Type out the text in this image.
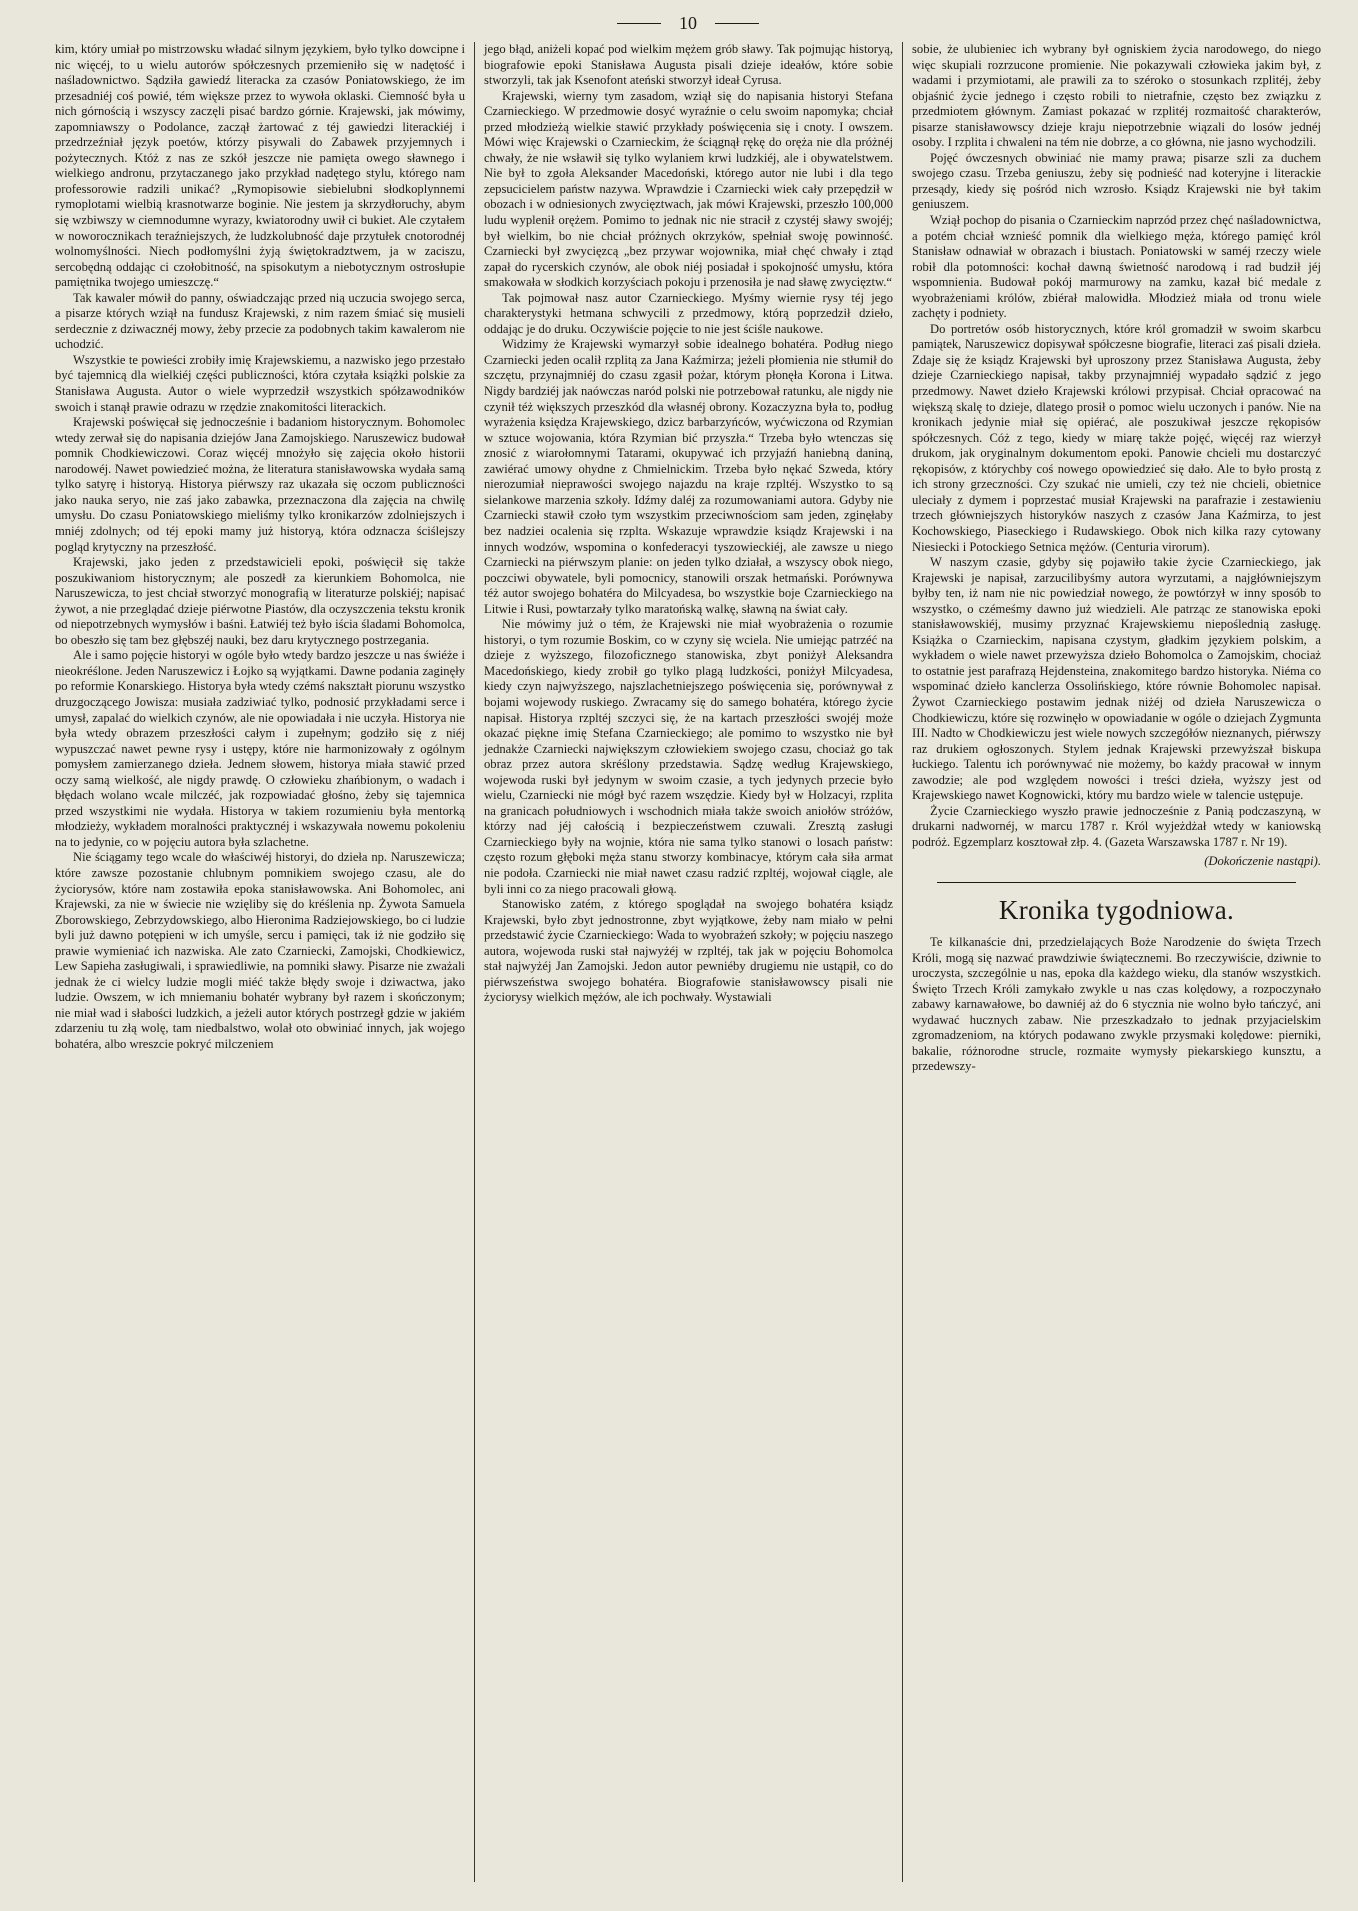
10

kim, który umiał po mistrzowsku władać silnym językiem, było tylko dowcipne i nic więcéj, to u wielu autorów spółczesnych przemieniło się w nadętość i naśladownictwo. Sądziła gawiedź literacka za czasów Poniatowskiego, że im przesadniéj coś powié, tém większe przez to wywoła oklaski. Ciemność była u nich górnością i wszyscy zaczęli pisać bardzo górnie. Krajewski, jak mówimy, zapomniawszy o Podolance, zaczął żartować z téj gawiedzi literackiéj i przedrzeźniał język poetów, którzy pisywali do Zabawek przyjemnych i pożytecznych. Któż z nas ze szkół jeszcze nie pamięta owego sławnego i wielkiego andronu, przytaczanego jako przykład nadętego stylu, którego nam professorowie radzili unikać? „Rymopisowie siebielubni słodkoplynnemi rymoplotami wielbią krasnotwarze boginie. Nie jestem ja skrzydłoruchy, abym się wzbiwszy w ciemnodumne wyrazy, kwiatorodny uwił ci bukiet. Ale czytałem w noworocznikach teraźniejszych, że ludzkolubność daje przytułek cnotorodnéj wolnomyślności. Niech podłomyślni żyją świętokradztwem, ja w zaciszu, sercobędną oddając ci czołobitność, na spisokutym a niebotycznym ostrosłupie pamiętnika twojego umieszczę.“

Tak kawaler mówił do panny, oświadczając przed nią uczucia swojego serca, a pisarze których wziął na fundusz Krajewski, z nim razem śmiać się musieli serdecznie z dziwacznéj mowy, żeby przecie za podobnych takim kawalerom nie uchodzić.

Wszystkie te powieści zrobiły imię Krajewskiemu, a nazwisko jego przestało być tajemnicą dla wielkiéj części publiczności, która czytała książki polskie za Stanisława Augusta. Autor o wiele wyprzedził wszystkich spółzawodników swoich i stanął prawie odrazu w rzędzie znakomitości literackich.

Krajewski poświęcał się jednocześnie i badaniom historycznym. Bohomolec wtedy zerwał się do napisania dziejów Jana Zamojskiego. Naruszewicz budował pomnik Chodkiewiczowi. Coraz więcéj mnożyło się zajęcia około historii narodowéj. Nawet powiedzieć można, że literatura stanisławowska wydała samą tylko satyrę i historyą. Historya piérwszy raz ukazała się oczom publiczności jako nauka seryo, nie zaś jako zabawka, przeznaczona dla zajęcia na chwilę umysłu. Do czasu Poniatowskiego mieliśmy tylko kronikarzów zdolniejszych i mniéj zdolnych; od téj epoki mamy już historyą, która odznacza ściślejszy pogląd krytyczny na przeszłość.

Krajewski, jako jeden z przedstawicieli epoki, poświęcił się także poszukiwaniom historycznym; ale poszedł za kierunkiem Bohomolca, nie Naruszewicza, to jest chciał stworzyć monografią w literaturze polskiéj; napisać żywot, a nie przeglądać dzieje piérwotne Piastów, dla oczyszczenia tekstu kronik od niepotrzebnych wymysłów i baśni. Łatwiéj też było iścia śladami Bohomolca, bo obeszło się tam bez głębszéj nauki, bez daru krytycznego postrzegania.

Ale i samo pojęcie historyi w ogóle było wtedy bardzo jeszcze u nas świéże i nieokréślone. Jeden Naruszewicz i Łojko są wyjątkami. Dawne podania zaginęły po reformie Konarskiego. Historya była wtedy czémś nakształt piorunu wszystko druzgoczącego Jowisza: musiała zadziwiać tylko, podnosić przykładami serce i umysł, zapalać do wielkich czynów, ale nie opowiadała i nie uczyła. Historya nie była wtedy obrazem przeszłości całym i zupełnym; godziło się z niéj wypuszczać nawet pewne rysy i ustępy, które nie harmonizowały z ogólnym pomysłem zamierzanego dzieła. Jednem słowem, historya miała stawić przed oczy samą wielkość, ale nigdy prawdę. O człowieku zhańbionym, o wadach i błędach wolano wcale milczéć, jak rozpowiadać głośno, żeby się tajemnica przed wszystkimi nie wydała. Historya w takiem rozumieniu była mentorką młodzieży, wykładem moralności praktycznéj i wskazywała nowemu pokoleniu na to jedynie, co w pojęciu autora była szlachetne.

Nie ściągamy tego wcale do właściwéj historyi, do dzieła np. Naruszewicza; które zawsze pozostanie chlubnym pomnikiem swojego czasu, ale do życiorysów, które nam zostawiła epoka stanisławowska. Ani Bohomolec, ani Krajewski, za nie w świecie nie wzięliby się do kréślenia np. Żywota Samuela Zborowskiego, Zebrzydowskiego, albo Hieronima Radziejowskiego, bo ci ludzie byli już dawno potępieni w ich umyśle, sercu i pamięci, tak iż nie godziło się prawie wymieniać ich nazwiska. Ale zato Czarniecki, Zamojski, Chodkiewicz, Lew Sapieha zasługiwali, i sprawiedliwie, na pomniki sławy. Pisarze nie zważali jednak że ci wielcy ludzie mogli miéć także błędy swoje i dziwactwa, jako ludzie. Owszem, w ich mniemaniu bohatér wybrany był razem i skończonym; nie miał wad i słabości ludzkich, a jeżeli autor których postrzegł gdzie w jakiém zdarzeniu tu złą wolę, tam niedbalstwo, wolał oto obwiniać innych, jak wojego bohatéra, albo wreszcie pokryć milczeniem

jego błąd, aniżeli kopać pod wielkim mężem grób sławy. Tak pojmując historyą, biografowie epoki Stanisława Augusta pisali dzieje ideałów, które sobie stworzyli, tak jak Ksenofont ateński stworzył ideał Cyrusa.

Krajewski, wierny tym zasadom, wziął się do napisania historyi Stefana Czarnieckiego. W przedmowie dosyć wyraźnie o celu swoim napomyka; chciał przed młodzieżą wielkie stawić przykłady poświęcenia się i cnoty. I owszem. Mówi więc Krajewski o Czarnieckim, że ściągnął rękę do oręża nie dla próżnéj chwały, że nie wsławił się tylko wylaniem krwi ludzkiéj, ale i obywatelstwem. Nie był to zgoła Aleksander Macedoński, którego autor nie lubi i dla tego zepsucicielem państw nazywa. Wprawdzie i Czarniecki wiek cały przepędził w obozach i w odniesionych zwycięztwach, jak mówi Krajewski, przeszło 100,000 ludu wyplenił orężem. Pomimo to jednak nic nie stracił z czystéj sławy swojéj; był wielkim, bo nie chciał próżnych okrzyków, spełniał swoję powinność. Czarniecki był zwycięzcą „bez przywar wojownika, miał chęć chwały i ztąd zapał do rycerskich czynów, ale obok niéj posiadał i spokojność umysłu, która smakowała w słodkich korzyściach pokoju i przenosiła je nad sławę zwycięztw.“

Tak pojmował nasz autor Czarnieckiego. Myśmy wiernie rysy téj jego charakterystyki hetmana schwycili z przedmowy, którą poprzedził dzieło, oddając je do druku. Oczywiście pojęcie to nie jest ściśle naukowe.

Widzimy że Krajewski wymarzył sobie idealnego bohatéra. Podług niego Czarniecki jeden ocalił rzplitą za Jana Kaźmirza; jeżeli płomienia nie stłumił do szczętu, przynajmniéj do czasu zgasił pożar, którym płonęła Korona i Litwa. Nigdy bardziéj jak naówczas naród polski nie potrzebował ratunku, ale nigdy nie czynił téż większych przeszkód dla własnéj obrony. Kozaczyzna była to, podług wyrażenia księdza Krajewskiego, dzicz barbarzyńców, wyćwiczona od Rzymian w sztuce wojowania, która Rzymian bić przyszła.“ Trzeba było wtenczas się znosić z wiarołomnymi Tatarami, okupywać ich przyjaźń haniebną daniną, zawiérać umowy ohydne z Chmielnickim. Trzeba było nękać Szweda, który nierozumiał nieprawości swojego najazdu na kraje rzpltéj. Wszystko to są sielankowe marzenia szkoły. Idźmy daléj za rozumowaniami autora. Gdyby nie Czarniecki stawił czoło tym wszystkim przeciwnościom sam jeden, zginęłaby bez nadziei ocalenia się rzplta. Wskazuje wprawdzie ksiądz Krajewski i na innych wodzów, wspomina o konfederacyi tyszowieckiéj, ale zawsze u niego Czarniecki na piérwszym planie: on jeden tylko działał, a wszyscy obok niego, poczciwi obywatele, byli pomocnicy, stanowili orszak hetmański. Porównywa téż autor swojego bohatéra do Milcyadesa, bo wszystkie boje Czarnieckiego na Litwie i Rusi, powtarzały tylko maratońską walkę, sławną na świat cały.

Nie mówimy już o tém, że Krajewski nie miał wyobrażenia o rozumie historyi, o tym rozumie Boskim, co w czyny się wciela. Nie umiejąc patrzéć na dzieje z wyższego, filozoficznego stanowiska, zbyt poniżył Aleksandra Macedońskiego, kiedy zrobił go tylko plagą ludzkości, poniżył Milcyadesa, kiedy czyn najwyższego, najszlachetniejszego poświęcenia się, porównywał z bojami wojewody ruskiego. Zwracamy się do samego bohatéra, którego życie napisał. Historya rzpltéj szczyci się, że na kartach przeszłości swojéj może okazać piękne imię Stefana Czarnieckiego; ale pomimo to wszystko nie był jednakże Czarniecki największym człowiekiem swojego czasu, chociaż go tak obraz przez autora skréślony przedstawia. Sądzę według Krajewskiego, wojewoda ruski był jedynym w swoim czasie, a tych jedynych przecie było wielu, Czarniecki nie mógł być razem wszędzie. Kiedy był w Holzacyi, rzplita na granicach południowych i wschodnich miała także swoich aniołów stróżów, którzy nad jéj całością i bezpieczeństwem czuwali. Zresztą zasługi Czarnieckiego były na wojnie, która nie sama tylko stanowi o losach państw: często rozum głęboki męża stanu stworzy kombinacye, którym cała siła armat nie podoła. Czarniecki nie miał nawet czasu radzić rzpltéj, wojował ciągle, ale byli inni co za niego pracowali głową.

Stanowisko zatém, z którego spoglądał na swojego bohatéra ksiądz Krajewski, było zbyt jednostronne, zbyt wyjątkowe, żeby nam miało w pełni przedstawić życie Czarnieckiego: Wada to wyobrażeń szkoły; w pojęciu naszego autora, wojewoda ruski stał najwyżéj w rzpltéj, tak jak w pojęciu Bohomolca stał najwyżéj Jan Zamojski. Jedon autor pewniéby drugiemu nie ustąpił, co do piérwszeństwa swojego bohatéra. Biografowie stanisławowscy pisali nie życiorysy wielkich mężów, ale ich pochwały. Wystawiali

sobie, że ulubieniec ich wybrany był ogniskiem życia narodowego, do niego więc skupiali rozrzucone promienie. Nie pokazywali człowieka jakim był, z wadami i przymiotami, ale prawili za to széroko o stosunkach rzplitéj, żeby objaśnić życie jednego i często robili to nietrafnie, często bez związku z przedmiotem głównym. Zamiast pokazać w rzplitéj rozmaitość charakterów, pisarze stanisławowscy dzieje kraju niepotrzebnie wiązali do losów jednéj osoby. I rzplita i chwaleni na tém nie dobrze, a co główna, nie jasno wychodzili.

Pojęć ówczesnych obwiniać nie mamy prawa; pisarze szli za duchem swojego czasu. Trzeba geniuszu, żeby się podnieść nad koteryjne i literackie przesądy, kiedy się pośród nich wzrosło. Ksiądz Krajewski nie był takim geniuszem.

Wziął pochop do pisania o Czarnieckim naprzód przez chęć naśladownictwa, a potém chciał wznieść pomnik dla wielkiego męża, którego pamięć król Stanisław odnawiał w obrazach i biustach. Poniatowski w saméj rzeczy wiele robił dla potomności: kochał dawną świetność narodową i rad budził jéj wspomnienia. Budował pokój marmurowy na zamku, kazał bić medale z wyobrażeniami królów, zbiérał malowidła. Młodzież miała od tronu wiele zachęty i podniety.

Do portretów osób historycznych, które król gromadził w swoim skarbcu pamiątek, Naruszewicz dopisywał spółczesne biografie, literaci zaś pisali dzieła. Zdaje się że ksiądz Krajewski był uproszony przez Stanisława Augusta, żeby dzieje Czarnieckiego napisał, takby przynajmniéj wypadało sądzić z jego przedmowy. Nawet dzieło Krajewski królowi przypisał. Chciał opracować na większą skalę to dzieje, dlatego prosił o pomoc wielu uczonych i panów. Nie na kronikach jedynie miał się opiérać, ale poszukiwał jeszcze rękopisów spółczesnych. Cóż z tego, kiedy w miarę także pojęć, więcéj raz wierzył drukom, jak oryginalnym dokumentom epoki. Panowie chcieli mu dostarczyć rękopisów, z którychby coś nowego opowiedzieć się dało. Ale to było prostą z ich strony grzeczności. Czy szukać nie umieli, czy też nie chcieli, obietnice uleciały z dymem i poprzestać musiał Krajewski na parafrazie i zestawieniu trzech główniejszych historyków naszych z czasów Jana Kaźmirza, to jest Kochowskiego, Piaseckiego i Rudawskiego. Obok nich kilka razy cytowany Niesiecki i Potockiego Setnica mężów. (Centuria virorum).

W naszym czasie, gdyby się pojawiło takie życie Czarnieckiego, jak Krajewski je napisał, zarzucilibyśmy autora wyrzutami, a najgłówniejszym byłby ten, iż nam nie nic powiedział nowego, że powtórzył w inny sposób to wszystko, o czémeśmy dawno już wiedzieli. Ale patrząc ze stanowiska epoki stanisławowskiéj, musimy przyznać Krajewskiemu niepoślednią zasługę. Książka o Czarnieckim, napisana czystym, gładkim językiem polskim, a wykładem o wiele nawet przewyższa dzieło Bohomolca o Zamojskim, chociaż to ostatnie jest parafrazą Hejdensteina, znakomitego bardzo historyka. Niéma co wspominać dzieło kanclerza Ossolińskiego, które równie Bohomolec napisał. Żywot Czarnieckiego postawim jednak niżéj od dzieła Naruszewicza o Chodkiewiczu, które się rozwinęło w opowiadanie w ogóle o dziejach Zygmunta III. Nadto w Chodkiewiczu jest wiele nowych szczegółów nieznanych, piérwszy raz drukiem ogłoszonych. Stylem jednak Krajewski przewyższał biskupa łuckiego. Talentu ich porównywać nie możemy, bo każdy pracował w innym zawodzie; ale pod względem nowości i treści dzieła, wyższy jest od Krajewskiego nawet Kognowicki, który mu bardzo wiele w talencie ustępuje.

Życie Czarnieckiego wyszło prawie jednocześnie z Panią podczaszyną, w drukarni nadwornéj, w marcu 1787 r. Król wyjeżdżał wtedy w kaniowską podróż. Egzemplarz kosztował złp. 4. (Gazeta Warszawska 1787 r. Nr 19).

(Dokończenie nastąpi).

Kronika tygodniowa.

Te kilkanaście dni, przedzielających Boże Narodzenie do święta Trzech Króli, mogą się nazwać prawdziwie świątecznemi. Bo rzeczywiście, dziwnie to uroczysta, szczególnie u nas, epoka dla każdego wieku, dla stanów wszystkich. Święto Trzech Króli zamykało zwykle u nas czas kolędowy, a rozpoczynało zabawy karnawałowe, bo dawniéj aż do 6 stycznia nie wolno było tańczyć, ani wydawać hucznych zabaw. Nie przeszkadzało to jednak przyjacielskim zgromadzeniom, na których podawano zwykle przysmaki kolędowe: pierniki, bakalie, różnorodne strucle, rozmaite wymysły piekarskiego kunsztu, a przedewszy-
